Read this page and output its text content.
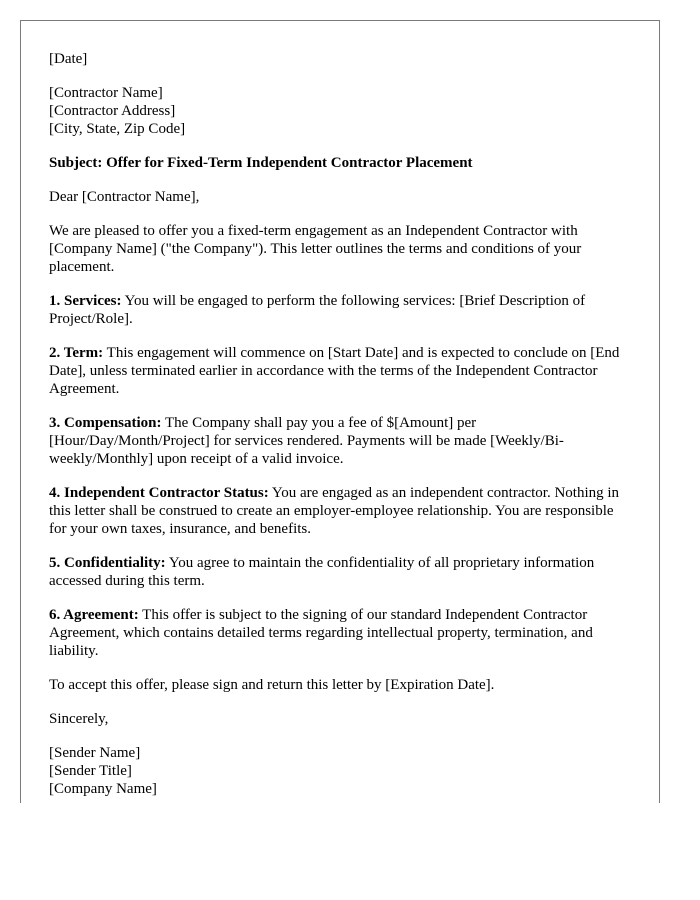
[Date]

[Contractor Name]
[Contractor Address]
[City, State, Zip Code]

Subject: Offer for Fixed-Term Independent Contractor Placement

Dear [Contractor Name],

We are pleased to offer you a fixed-term engagement as an Independent Contractor with [Company Name] ("the Company"). This letter outlines the terms and conditions of your placement.

1. Services: You will be engaged to perform the following services: [Brief Description of Project/Role].

2. Term: This engagement will commence on [Start Date] and is expected to conclude on [End Date], unless terminated earlier in accordance with the terms of the Independent Contractor Agreement.

3. Compensation: The Company shall pay you a fee of $[Amount] per [Hour/Day/Month/Project] for services rendered. Payments will be made [Weekly/Bi-weekly/Monthly] upon receipt of a valid invoice.

4. Independent Contractor Status: You are engaged as an independent contractor. Nothing in this letter shall be construed to create an employer-employee relationship. You are responsible for your own taxes, insurance, and benefits.

5. Confidentiality: You agree to maintain the confidentiality of all proprietary information accessed during this term.

6. Agreement: This offer is subject to the signing of our standard Independent Contractor Agreement, which contains detailed terms regarding intellectual property, termination, and liability.

To accept this offer, please sign and return this letter by [Expiration Date].

Sincerely,

[Sender Name]
[Sender Title]
[Company Name]
